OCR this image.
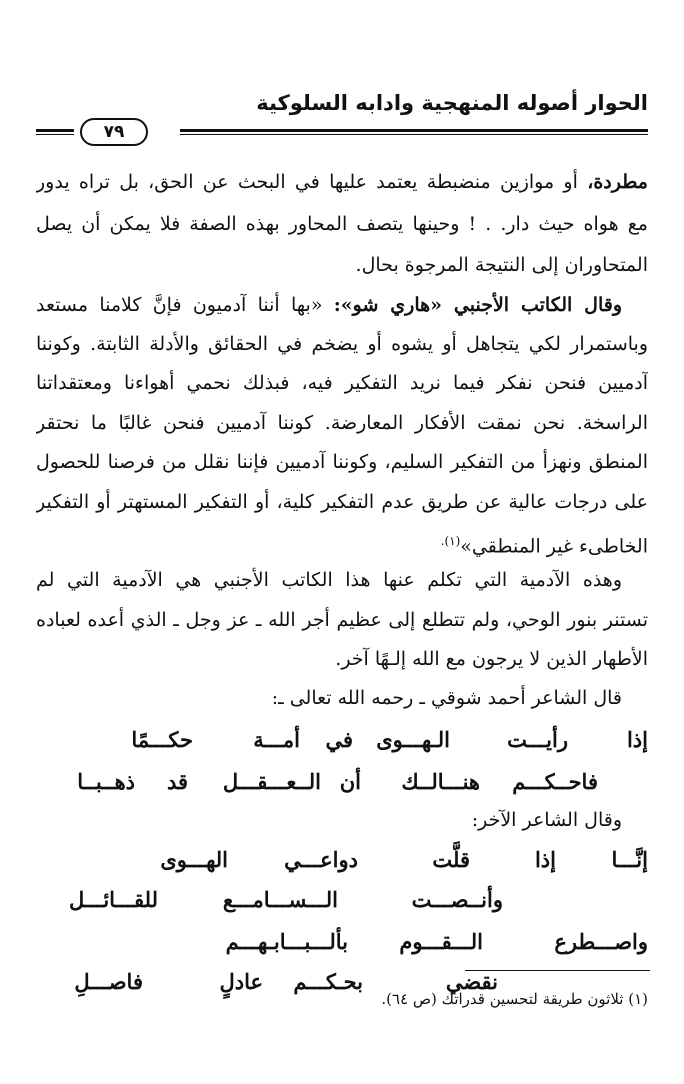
الحوار أصوله المنهجية وادابه السلوكية
٧٩
مطردة، أو موازين منضبطة يعتمد عليها في البحث عن الحق، بل تراه يدور
مع هواه حيث دار. . ! وحينها يتصف المحاور بهذه الصفة فلا يمكن أن يصل
المتحاوران إلى النتيجة المرجوة بحال.
وقال الكاتب الأجنبي «هاري شو»: «بها أننا آدميون فإنَّ كلامنا مستعد
وباستمرار لكي يتجاهل أو يشوه أو يضخم في الحقائق والأدلة الثابتة. وكوننا
آدميين فنحن نفكر فيما نريد التفكير فيه، فبذلك نحمي أهواءنا ومعتقداتنا
الراسخة. نحن نمقت الأفكار المعارضة. كوننا آدميين فنحن غالبًا ما نحتقر
المنطق ونهزأ من التفكير السليم، وكوننا آدميين فإننا نقلل من فرصنا للحصول
على درجات عالية عن طريق عدم التفكير كلية، أو التفكير المستهتر أو التفكير
الخاطىء غير المنطقي»$^{(١).}$
وهذه الآدمية التي تكلم عنها هذا الكاتب الأجنبي هي الآدمية التي لم
تستنر بنور الوحي، ولم تتطلع إلى عظيم أجر الله ـ عز وجل ـ الذي أعده لعباده
الأطهار الذين لا يرجون مع الله إلـهًا آخر.
قال الشاعر أحمد شوقي ـ رحمه الله تعالى ـ:
إذا
رأيـــت
الـهـــوى
في
أمـــة
حكـــمًا
فاحــكـــم
هنـــالــك
أن
الــعـــقـــل
قد
ذهــبــا
وقال الشاعر الآخر:
إنَّـــا
إذا
قلَّت
دواعـــي
الهـــوى
وأنــصـــت
الـــســـامـــع
للقـــائـــل
واصـــطرع
الـــقـــوم
بألـــبـــابـهـــم
نقضي
بحـكـــم
عادلٍ
فاصـــلِ
(١) ثلاثون طريقة لتحسين قدراتك (ص ٦٤).
